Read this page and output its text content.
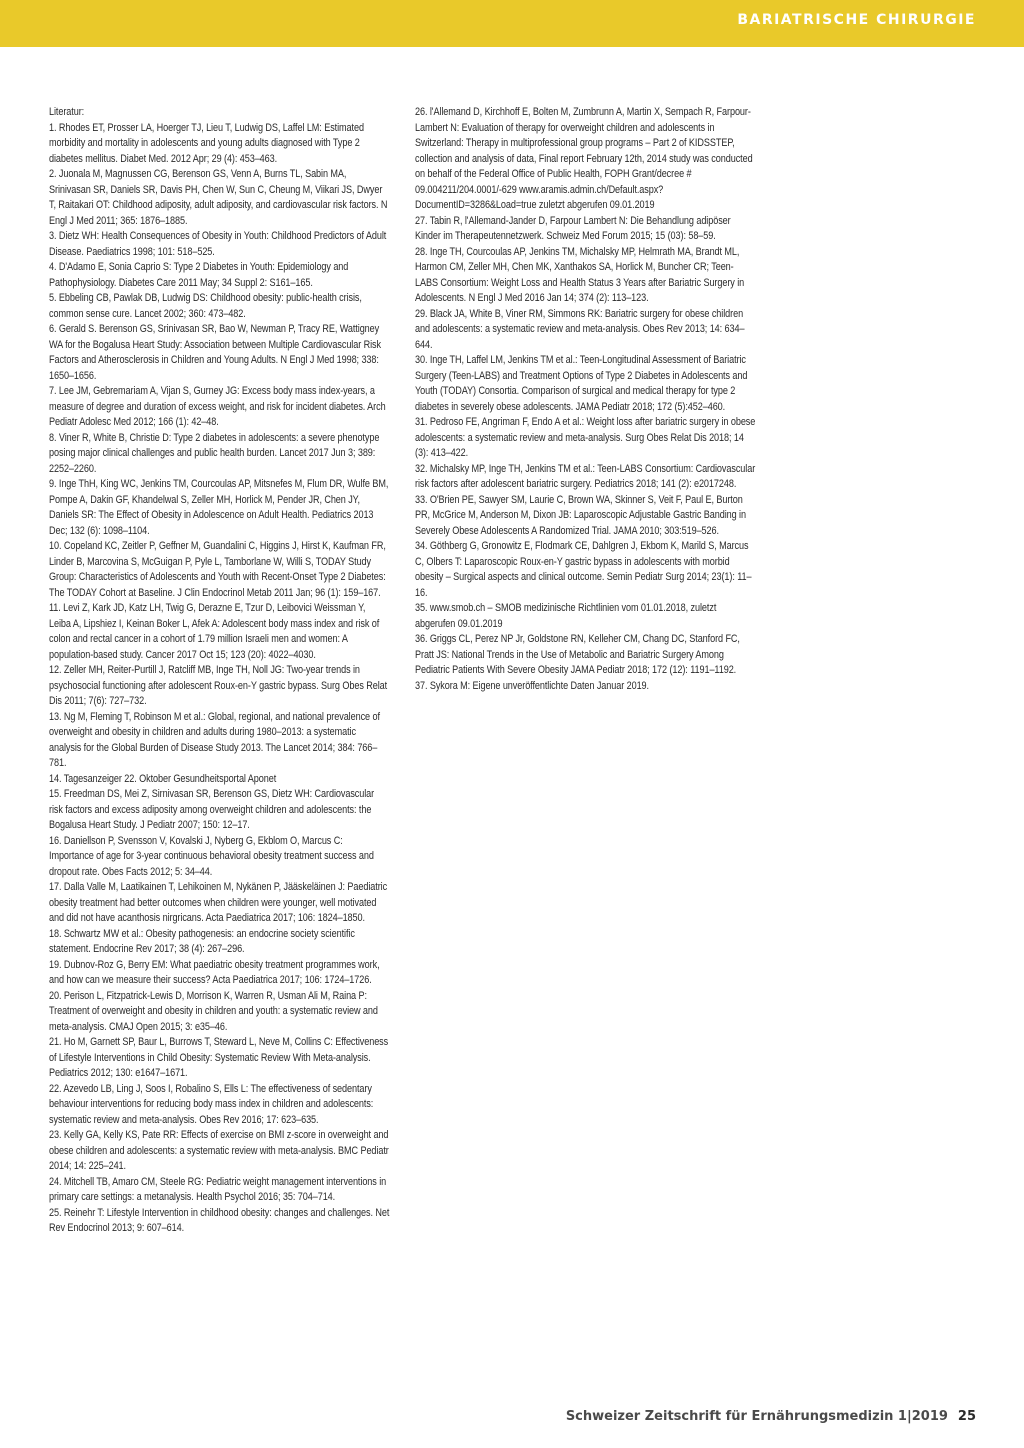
BARIATRISCHE CHIRURGIE

Literatur:

1. Rhodes ET, Prosser LA, Hoerger TJ, Lieu T, Ludwig DS, Laffel LM: Estimated morbidity and mortality in adolescents and young adults diagnosed with Type 2 diabetes mellitus. Diabet Med. 2012 Apr; 29 (4): 453–463.
2. Juonala M, Magnussen CG, Berenson GS, Venn A, Burns TL, Sabin MA, Srinivasan SR, Daniels SR, Davis PH, Chen W, Sun C, Cheung M, Viikari JS, Dwyer T, Raitakari OT: Childhood adiposity, adult adiposity, and cardiovascular risk factors. N Engl J Med 2011; 365: 1876–1885.
3. Dietz WH: Health Consequences of Obesity in Youth: Childhood Predictors of Adult Disease. Paediatrics 1998; 101: 518–525.
4. D'Adamo E, Sonia Caprio S: Type 2 Diabetes in Youth: Epidemiology and Pathophysiology. Diabetes Care 2011 May; 34 Suppl 2: S161–165.
5. Ebbeling CB, Pawlak DB, Ludwig DS: Childhood obesity: public-health crisis, common sense cure. Lancet 2002; 360: 473–482.
6. Gerald S. Berenson GS, Srinivasan SR, Bao W, Newman P, Tracy RE, Wattigney WA for the Bogalusa Heart Study: Association between Multiple Cardiovascular Risk Factors and Atherosclerosis in Children and Young Adults. N Engl J Med 1998; 338: 1650–1656.
7. Lee JM, Gebremariam A, Vijan S, Gurney JG: Excess body mass index-years, a measure of degree and duration of excess weight, and risk for incident diabetes. Arch Pediatr Adolesc Med 2012; 166 (1): 42–48.
8. Viner R, White B, Christie D: Type 2 diabetes in adolescents: a severe phenotype posing major clinical challenges and public health burden. Lancet 2017 Jun 3; 389: 2252–2260.
9. Inge ThH, King WC, Jenkins TM, Courcoulas AP, Mitsnefes M, Flum DR, Wulfe BM, Pompe A, Dakin GF, Khandelwal S, Zeller MH, Horlick M, Pender JR, Chen JY, Daniels SR: The Effect of Obesity in Adolescence on Adult Health. Pediatrics 2013 Dec; 132 (6): 1098–1104.
10. Copeland KC, Zeitler P, Geffner M, Guandalini C, Higgins J, Hirst K, Kaufman FR, Linder B, Marcovina S, McGuigan P, Pyle L, Tamborlane W, Willi S, TODAY Study Group: Characteristics of Adolescents and Youth with Recent-Onset Type 2 Diabetes: The TODAY Cohort at Baseline. J Clin Endocrinol Metab 2011 Jan; 96 (1): 159–167.
11. Levi Z, Kark JD, Katz LH, Twig G, Derazne E, Tzur D, Leibovici Weissman Y, Leiba A, Lipshiez I, Keinan Boker L, Afek A: Adolescent body mass index and risk of colon and rectal cancer in a cohort of 1.79 million Israeli men and women: A population-based study. Cancer 2017 Oct 15; 123 (20): 4022–4030.
12. Zeller MH, Reiter-Purtill J, Ratcliff MB, Inge TH, Noll JG: Two-year trends in psychosocial functioning after adolescent Roux-en-Y gastric bypass. Surg Obes Relat Dis 2011; 7(6): 727–732.
13. Ng M, Fleming T, Robinson M et al.: Global, regional, and national prevalence of overweight and obesity in children and adults during 1980–2013: a systematic analysis for the Global Burden of Disease Study 2013. The Lancet 2014; 384: 766–781.
14. Tagesanzeiger 22. Oktober Gesundheitsportal Aponet
15. Freedman DS, Mei Z, Sirnivasan SR, Berenson GS, Dietz WH: Cardiovascular risk factors and excess adiposity among overweight children and adolescents: the Bogalusa Heart Study. J Pediatr 2007; 150: 12–17.
16. Daniellson P, Svensson V, Kovalski J, Nyberg G, Ekblom O, Marcus C: Importance of age for 3-year continuous behavioral obesity treatment success and dropout rate. Obes Facts 2012; 5: 34–44.
17. Dalla Valle M, Laatikainen T, Lehikoinen M, Nykänen P, Jääskeläinen J: Paediatric obesity treatment had better outcomes when children were younger, well motivated and did not have acanthosis nirgricans. Acta Paediatrica 2017; 106: 1824–1850.
18. Schwartz MW et al.: Obesity pathogenesis: an endocrine society scientific statement. Endocrine Rev 2017; 38 (4): 267–296.
19. Dubnov-Roz G, Berry EM: What paediatric obesity treatment programmes work, and how can we measure their success? Acta Paediatrica 2017; 106: 1724–1726.
20. Perison L, Fitzpatrick-Lewis D, Morrison K, Warren R, Usman Ali M, Raina P: Treatment of overweight and obesity in children and youth: a systematic review and meta-analysis. CMAJ Open 2015; 3: e35–46.
21. Ho M, Garnett SP, Baur L, Burrows T, Steward L, Neve M, Collins C: Effectiveness of Lifestyle Interventions in Child Obesity: Systematic Review With Meta-analysis. Pediatrics 2012; 130: e1647–1671.
22. Azevedo LB, Ling J, Soos I, Robalino S, Ells L: The effectiveness of sedentary behaviour interventions for reducing body mass index in children and adolescents: systematic review and meta-analysis. Obes Rev 2016; 17: 623–635.
23. Kelly GA, Kelly KS, Pate RR: Effects of exercise on BMI z-score in overweight and obese children and adolescents: a systematic review with meta-analysis. BMC Pediatr 2014; 14: 225–241.
24. Mitchell TB, Amaro CM, Steele RG: Pediatric weight management interventions in primary care settings: a metanalysis. Health Psychol 2016; 35: 704–714.
25. Reinehr T: Lifestyle Intervention in childhood obesity: changes and challenges. Net Rev Endocrinol 2013; 9: 607–614.
26. l'Allemand D, Kirchhoff E, Bolten M, Zumbrunn A, Martin X, Sempach R, Farpour-Lambert N: Evaluation of therapy for overweight children and adolescents in Switzerland: Therapy in multiprofessional group programs – Part 2 of KIDSSTEP, collection and analysis of data, Final report February 12th, 2014 study was conducted on behalf of the Federal Office of Public Health, FOPH Grant/decree # 09.004211/204.0001/-629 www.aramis.admin.ch/Default.aspx?DocumentID=3286&Load=true zuletzt abgerufen 09.01.2019
27. Tabin R, l'Allemand-Jander D, Farpour Lambert N: Die Behandlung adipöser Kinder im Therapeutennetzwerk. Schweiz Med Forum 2015; 15 (03): 58–59.
28. Inge TH, Courcoulas AP, Jenkins TM, Michalsky MP, Helmrath MA, Brandt ML, Harmon CM, Zeller MH, Chen MK, Xanthakos SA, Horlick M, Buncher CR; Teen-LABS Consortium: Weight Loss and Health Status 3 Years after Bariatric Surgery in Adolescents. N Engl J Med 2016 Jan 14; 374 (2): 113–123.
29. Black JA, White B, Viner RM, Simmons RK: Bariatric surgery for obese children and adolescents: a systematic review and meta-analysis. Obes Rev 2013; 14: 634–644.
30. Inge TH, Laffel LM, Jenkins TM et al.: Teen-Longitudinal Assessment of Bariatric Surgery (Teen-LABS) and Treatment Options of Type 2 Diabetes in Adolescents and Youth (TODAY) Consortia. Comparison of surgical and medical therapy for type 2 diabetes in severely obese adolescents. JAMA Pediatr 2018; 172 (5):452–460.
31. Pedroso FE, Angriman F, Endo A et al.: Weight loss after bariatric surgery in obese adolescents: a systematic review and meta-analysis. Surg Obes Relat Dis 2018; 14 (3): 413–422.
32. Michalsky MP, Inge TH, Jenkins TM et al.: Teen-LABS Consortium: Cardiovascular risk factors after adolescent bariatric surgery. Pediatrics 2018; 141 (2): e2017248.
33. O'Brien PE, Sawyer SM, Laurie C, Brown WA, Skinner S, Veit F, Paul E, Burton PR, McGrice M, Anderson M, Dixon JB: Laparoscopic Adjustable Gastric Banding in Severely Obese Adolescents A Randomized Trial. JAMA 2010; 303:519–526.
34. Göthberg G, Gronowitz E, Flodmark CE, Dahlgren J, Ekbom K, Marild S, Marcus C, Olbers T: Laparoscopic Roux-en-Y gastric bypass in adolescents with morbid obesity – Surgical aspects and clinical outcome. Semin Pediatr Surg 2014; 23(1): 11–16.
35. www.smob.ch – SMOB medizinische Richtlinien vom 01.01.2018, zuletzt abgerufen 09.01.2019
36. Griggs CL, Perez NP Jr, Goldstone RN, Kelleher CM, Chang DC, Stanford FC, Pratt JS: National Trends in the Use of Metabolic and Bariatric Surgery Among Pediatric Patients With Severe Obesity JAMA Pediatr 2018; 172 (12): 1191–1192.
37. Sykora M: Eigene unveröffentlichte Daten Januar 2019.
Schweizer Zeitschrift für Ernährungsmedizin 1|2019 25
